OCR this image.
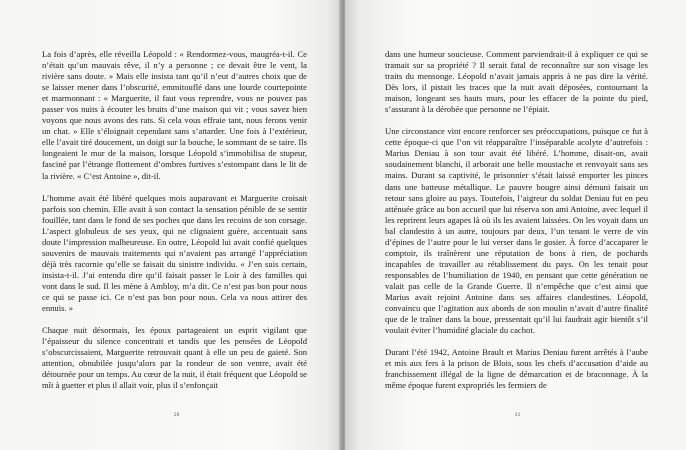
La fois d’après, elle réveilla Léopold : « Rendormez-vous, maugréa-t-il. Ce n’était qu’un mauvais rêve, il n’y a personne ; ce devait être le vent, la rivière sans doute. » Mais elle insista tant qu’il n’eut d’autres choix que de se laisser mener dans l’obscurité, emmitouflé dans une lourde courtepointe et marmonnant : « Marguerite, il faut vous reprendre, vous ne pouvez pas passer vos nuits à écouter les bruits d’une maison qui vit ; vous savez bien voyons que nous avons des rats. Si cela vous effraie tant, nous ferons venir un chat. » Elle s’éloignait cependant sans s’attarder. Une fois à l’extérieur, elle l’avait tiré doucement, un doigt sur la bouche, le sommant de se taire. Ils longeaient le mur de la maison, lorsque Léopold s’immobilisa de stupeur, fasciné par l’étrange flottement d’ombres furtives s’estompant dans le lit de la rivière. « C’est Antoine », dit-il.

L’homme avait été libéré quelques mois auparavant et Marguerite croisait parfois son chemin. Elle avait à son contact la sensation pénible de se sentir fouillée, tant dans le fond de ses poches que dans les recoins de son corsage. L’aspect globuleux de ses yeux, qui ne clignaient guère, accentuait sans doute l’impression malheureuse. En outre, Léopold lui avait confié quelques souvenirs de mauvais traitements qui n’avaient pas arrangé l’appréciation déjà très racornie qu’elle se faisait du sinistre individu. « J’en suis certain, insista-t-il. J’ai entendu dire qu’il faisait passer le Loir à des familles qui vont dans le sud. Il les mène à Ambloy, m’a dit. Ce n’est pas bon pour nous ce qui se passe ici. Ce n’est pas bon pour nous. Cela va nous attirer des ennuis. »

Chaque nuit désormais, les époux partageaient un esprit vigilant que l’épaisseur du silence concentrait et tandis que les pensées de Léopold s’obscurcissaient, Marguerite retrouvait quant à elle un peu de gaieté. Son attention, obnubilée jusqu’alors par la rondeur de son ventre, avait été détournée pour un temps. Au cœur de la nuit, il était fréquent que Léopold se mît à guetter et plus il allait voir, plus il s’enfonçait

20

dans une humeur soucieuse. Comment parviendrait-il à expliquer ce qui se tramait sur sa propriété ? Il serait fatal de reconnaître sur son visage les traits du mensonge. Léopold n’avait jamais appris à ne pas dire la vérité. Dès lors, il pistait les traces que la nuit avait déposées, contournant la maison, longeant ses hauts murs, pour les effacer de la pointe du pied, s’assurant à la dérobée que personne ne l’épiait.

Une circonstance vint encore renforcer ses préoccupations, puisque ce fut à cette époque-ci que l’on vit réapparaître l’inséparable acolyte d’autrefois : Marius Deniau à son tour avait été libéré. L’homme, disait-on, avait soudainement blanchi, il arborait une belle moustache et renvoyait sans ses mains. Durant sa captivité, le prisonnier s’était laissé emporter les pinces dans une batteuse métallique. Le pauvre bougre ainsi démuni faisait un retour sans gloire au pays. Toutefois, l’aigreur du soldat Deniau fut en peu atténuée grâce au bon accueil que lui réserva son ami Antoine, avec lequel il les reprirent leurs agapes là où ils les avaient laissées. On les voyait dans un bal clandestin à un autre, toujours par deux, l’un tenant le verre de vin d’épines de l’autre pour le lui verser dans le gosier. À force d’accaparer le comptoir, ils traînèrent une réputation de bons à rien, de pochards incapables de travailler au rétablissement du pays. On les tenait pour responsables de l’humiliation de 1940, en pensant que cette génération ne valait pas celle de la Grande Guerre. Il n’empêche que c’est ainsi que Marius avait rejoint Antoine dans ses affaires clandestines. Léopold, convaincu que l’agitation aux abords de son moulin n’avait d’autre finalité que de le traîner dans la boue, pressentait qu’il lui faudrait agir bientôt s’il voulait éviter l’humidité glaciale du cachot.

Durant l’été 1942, Antoine Brault et Marius Deniau furent arrêtés à l’aube et mis aux fers à la prison de Blois, sous les chefs d’accusation d’aide au franchissement illégal de la ligne de démarcation et de braconnage. À la même époque furent expropriés les fermiers de

21
